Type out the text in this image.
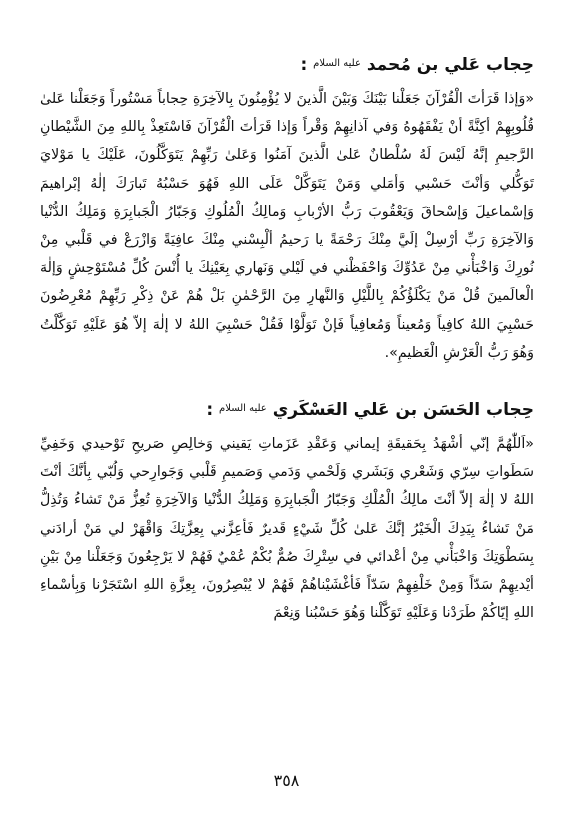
حِجاب عَلي بن مُحمد $^{عليه السلام}$ :

«وَإذا قَرَأتَ الْقُرْآنَ جَعَلْنا بَيْنَكَ وَبَيْنَ الَّذينَ لا يُؤْمِنُونَ بِالآخِرَةِ حِجاباً مَسْتُوراً وَجَعَلْنا عَلىٰ قُلُوبِهِمْ أكِنَّةً أنْ يَفْقَهُوهُ وَفي آذانِهِمْ وَقْراً وَإذا قَرَأتَ الْقُرْآنَ فَاسْتَعِذْ بِاللهِ مِنَ الشَّيْطانِ الرَّجيمِ إنَّهُ لَيْسَ لَهُ سُلْطانٌ عَلىٰ الَّذينَ آمَنُوا وَعَلىٰ رَبِّهِمْ يَتَوَكَّلُونَ، عَلَيْكَ يا مَوْلايَ تَوَكُّلي وَأنْتَ حَسْبي وَأمَلي وَمَنْ يَتَوَكَّلْ عَلَى اللهِ فَهُوَ حَسْبُهُ تَبارَكَ إلٰهُ إبْراهيمَ وَإسْماعيلَ وَإسْحاقَ وَيَعْقُوبَ رَبُّ الأرْبابِ وَمالِكُ الْمُلُوكِ وَجَبّارُ الْجَبابِرَةِ وَمَلِكُ الدُّنْيا وَالآخِرَةِ رَبِّ أرْسِلْ إلَيَّ مِنْكَ رَحْمَةً يا رَحيمُ ألْبِسْني مِنْكَ عافِيَةً وَازْرَعْ في قَلْبي مِنْ نُورِكَ وَاخْبَأْني مِنْ عَدُوِّكَ وَاحْفَظْني في لَيْلي وَنَهاري بِعَيْنِكَ يا أُنْسَ كُلِّ مُسْتَوْحِشٍ وَإلٰهَ الْعالَمينَ قُلْ مَنْ يَكْلَؤُكُمْ بِاللَّيْلِ وَالنَّهارِ مِنَ الرَّحْمٰنِ بَلْ هُمْ عَنْ ذِكْرِ رَبِّهِمْ مُعْرِضُونَ حَسْبِيَ اللهُ كافِياً وَمُعيناً وَمُعافِياً فَإنْ تَوَلَّوْا فَقُلْ حَسْبِيَ اللهُ لا إلٰهَ إلاّ هُوَ عَلَيْهِ تَوَكَّلْتُ وَهُوَ رَبُّ الْعَرْشِ الْعَظيمِ».

حِجاب الحَسَن بن عَلي العَسْكَري $^{عليه السلام}$ :

«اَللّٰهُمَّ إنّي أشْهَدُ بِحَقيقَةِ إيماني وَعَقْدِ عَزَماتِ يَقيني وَخالِصِ صَريحِ تَوْحيدي وَخَفِيِّ سَطَواتِ سِرّي وَشَعْري وَبَشَري وَلَحْمي وَدَمي وَصَميمِ قَلْبي وَجَوارِحي وَلُبّي بِأنَّكَ أنْتَ اللهُ لا إلٰهَ إلاّ أنْتَ مالِكُ الْمُلْكِ وَجَبّارُ الْجَبابِرَةِ وَمَلِكُ الدُّنْيا وَالآخِرَةِ تُعِزُّ مَنْ تَشاءُ وَتُذِلُّ مَنْ تَشاءُ بِيَدِكَ الْخَيْرُ إنَّكَ عَلىٰ كُلِّ شَيْءٍ قَديرٌ فَأعِزَّني بِعِزَّتِكَ وَاقْهَرْ لي مَنْ أرادَني بِسَطْوَتِكَ وَاخْبَأْني مِنْ أعْدائي في سِتْرِكَ صُمٌّ بُكْمٌ عُمْيٌ فَهُمْ لا يَرْجِعُونَ وَجَعَلْنا مِنْ بَيْنِ أيْديهِمْ سَدّاً وَمِنْ خَلْفِهِمْ سَدّاً فَأغْشَيْناهُمْ فَهُمْ لا يُبْصِرُونَ، بِعِزَّةِ اللهِ اسْتَجَرْنا وَبِأسْماءِ اللهِ إيّاكُمْ طَرَدْنا وَعَلَيْهِ تَوَكَّلْنا وَهُوَ حَسْبُنا وَنِعْمَ

٣٥٨
